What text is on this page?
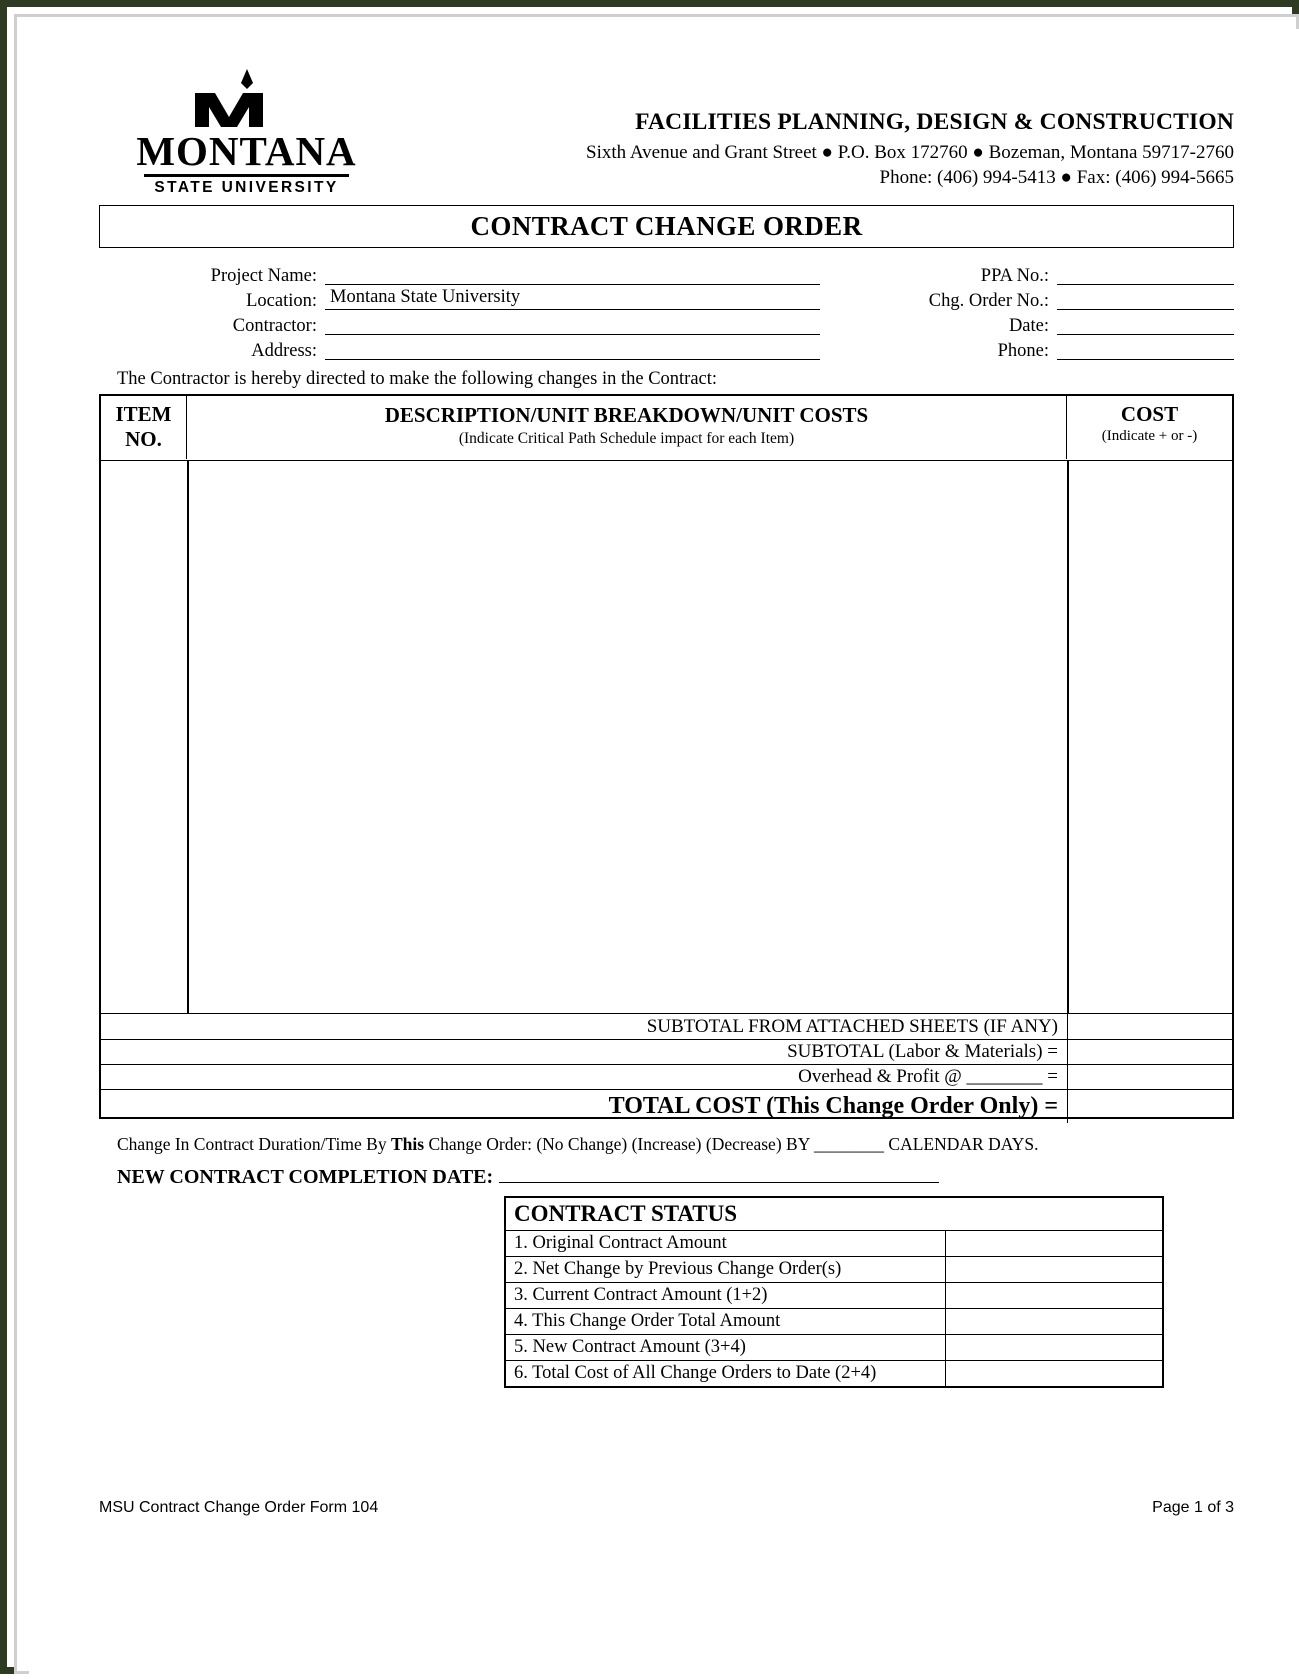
MONTANA
STATE UNIVERSITY
FACILITIES PLANNING, DESIGN & CONSTRUCTION
Sixth Avenue and Grant Street ● P.O. Box 172760 ● Bozeman, Montana 59717-2760
Phone: (406) 994-5413 ● Fax: (406) 994-5665
CONTRACT CHANGE ORDER
Project Name:
Location: Montana State University
Contractor:
Address:
PPA No.:
Chg. Order No.:
Date:
Phone:
The Contractor is hereby directed to make the following changes in the Contract:
ITEM
NO.
DESCRIPTION/UNIT BREAKDOWN/UNIT COSTS
(Indicate Critical Path Schedule impact for each Item)
COST
(Indicate + or -)
SUBTOTAL FROM ATTACHED SHEETS (IF ANY)
SUBTOTAL (Labor & Materials) =
Overhead & Profit @ ________ =
TOTAL COST (This Change Order Only) =
Change In Contract Duration/Time By This Change Order: (No Change) (Increase) (Decrease) BY ________ CALENDAR DAYS.
NEW CONTRACT COMPLETION DATE:
CONTRACT STATUS
1. Original Contract Amount
2. Net Change by Previous Change Order(s)
3. Current Contract Amount (1+2)
4. This Change Order Total Amount
5. New Contract Amount (3+4)
6. Total Cost of All Change Orders to Date (2+4)
MSU Contract Change Order Form 104	Page 1 of 3
